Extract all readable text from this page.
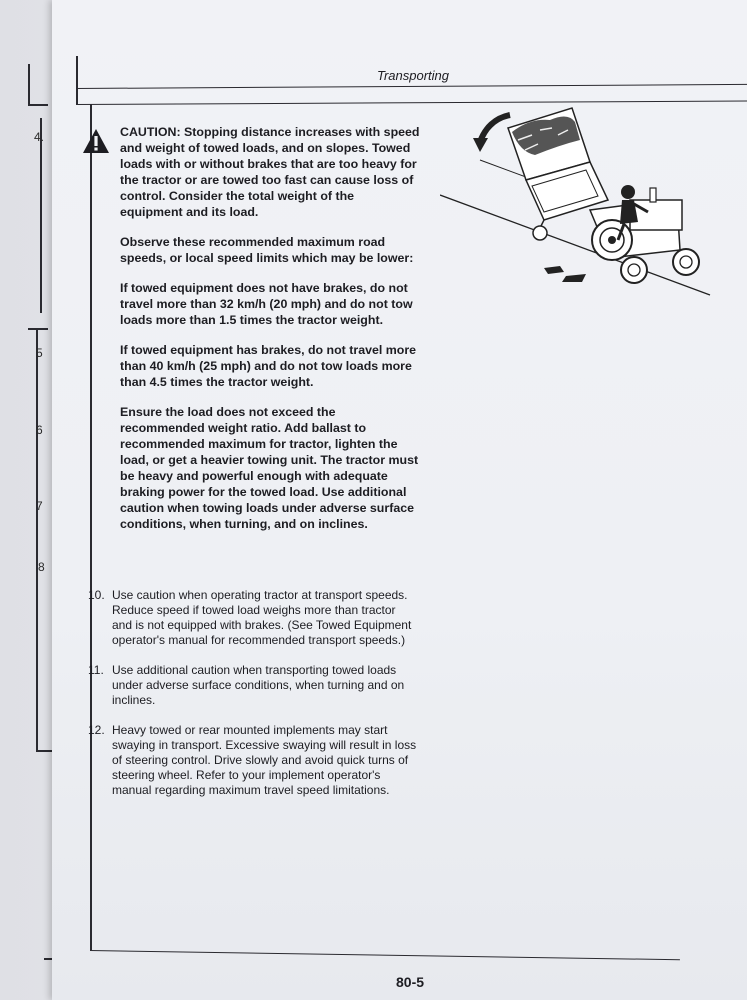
4.
5
6
7
8
Transporting

CAUTION: Stopping distance increases with speed and weight of towed loads, and on slopes. Towed loads with or without brakes that are too heavy for the tractor or are towed too fast can cause loss of control. Consider the total weight of the equipment and its load.

Observe these recommended maximum road speeds, or local speed limits which may be lower:

If towed equipment does not have brakes, do not travel more than 32 km/h (20 mph) and do not tow loads more than 1.5 times the tractor weight.

If towed equipment has brakes, do not travel more than 40 km/h (25 mph) and do not tow loads more than 4.5 times the tractor weight.

Ensure the load does not exceed the recommended weight ratio. Add ballast to recommended maximum for tractor, lighten the load, or get a heavier towing unit. The tractor must be heavy and powerful enough with adequate braking power for the towed load. Use additional caution when towing loads under adverse surface conditions, when turning, and on inclines.

10. Use caution when operating tractor at transport speeds. Reduce speed if towed load weighs more than tractor and is not equipped with brakes. (See Towed Equipment operator's manual for recommended transport speeds.)
11. Use additional caution when transporting towed loads under adverse surface conditions, when turning and on inclines.
12. Heavy towed or rear mounted implements may start swaying in transport. Excessive swaying will result in loss of steering control. Drive slowly and avoid quick turns of steering wheel. Refer to your implement operator's manual regarding maximum travel speed limitations.
80-5
